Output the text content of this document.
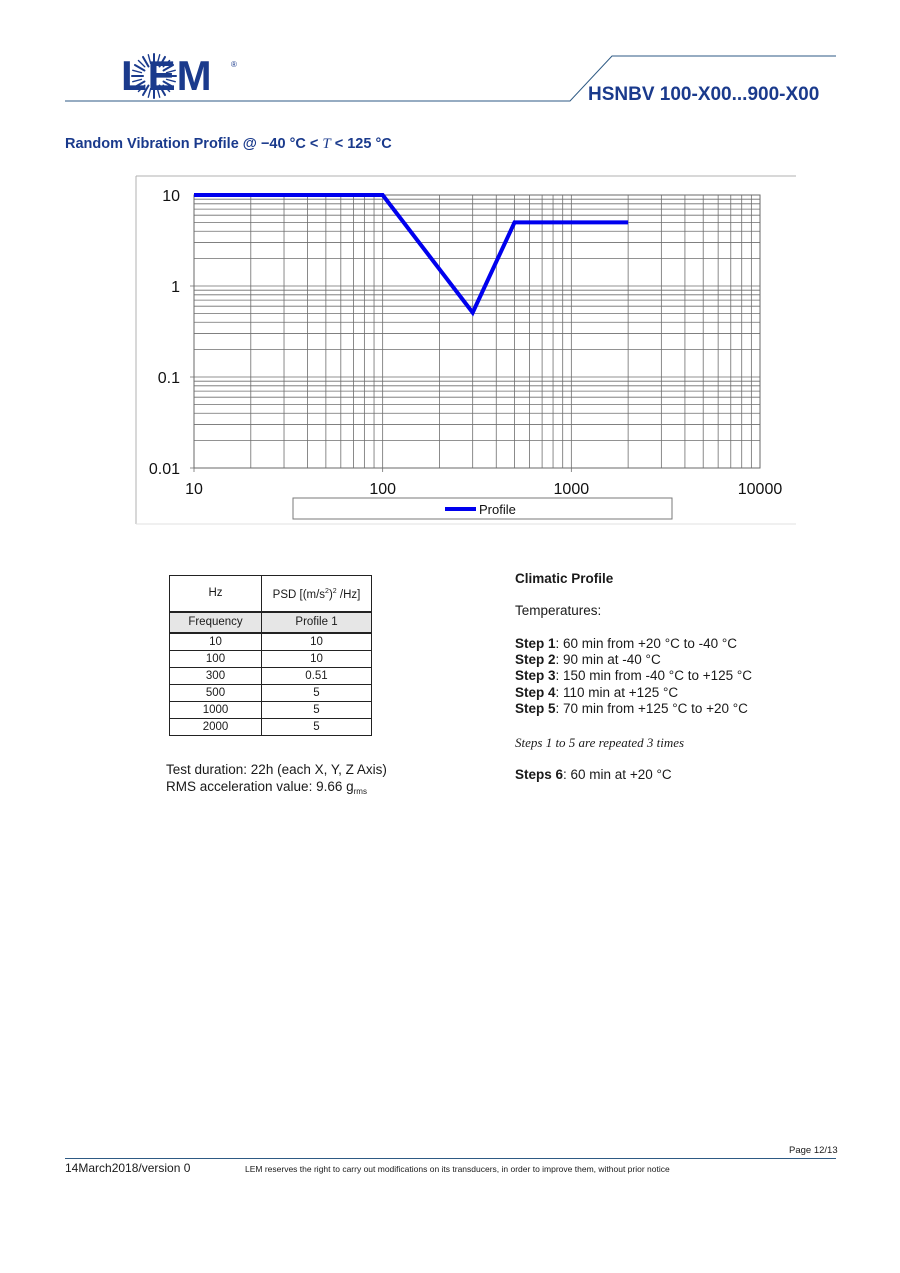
LEM ®
HSNBV 100-X00...900-X00
Random Vibration Profile @ −40 °C < T < 125 °C
10	100	1000	10000
10
1
0.1
0.01
Profile
Hz	PSD [$(m/s^2)^2$ /Hz]
Frequency	Profile 1
10	10
100	10
300	0.51
500	5
1000	5
2000	5
Test duration: 22h (each X, Y, Z Axis)
RMS acceleration value: 9.66 $g_{rms}$
Climatic Profile
Temperatures:
Step 1: 60 min from +20 °C to -40 °C
Step 2: 90 min at -40 °C
Step 3: 150 min from -40 °C to +125 °C
Step 4: 110 min at +125 °C
Step 5: 70 min from +125 °C to +20 °C
Steps 1 to 5 are repeated 3 times
Steps 6: 60 min at +20 °C
Page 12/13
14March2018/version 0	LEM reserves the right to carry out modifications on its transducers, in order to improve them, without prior notice
